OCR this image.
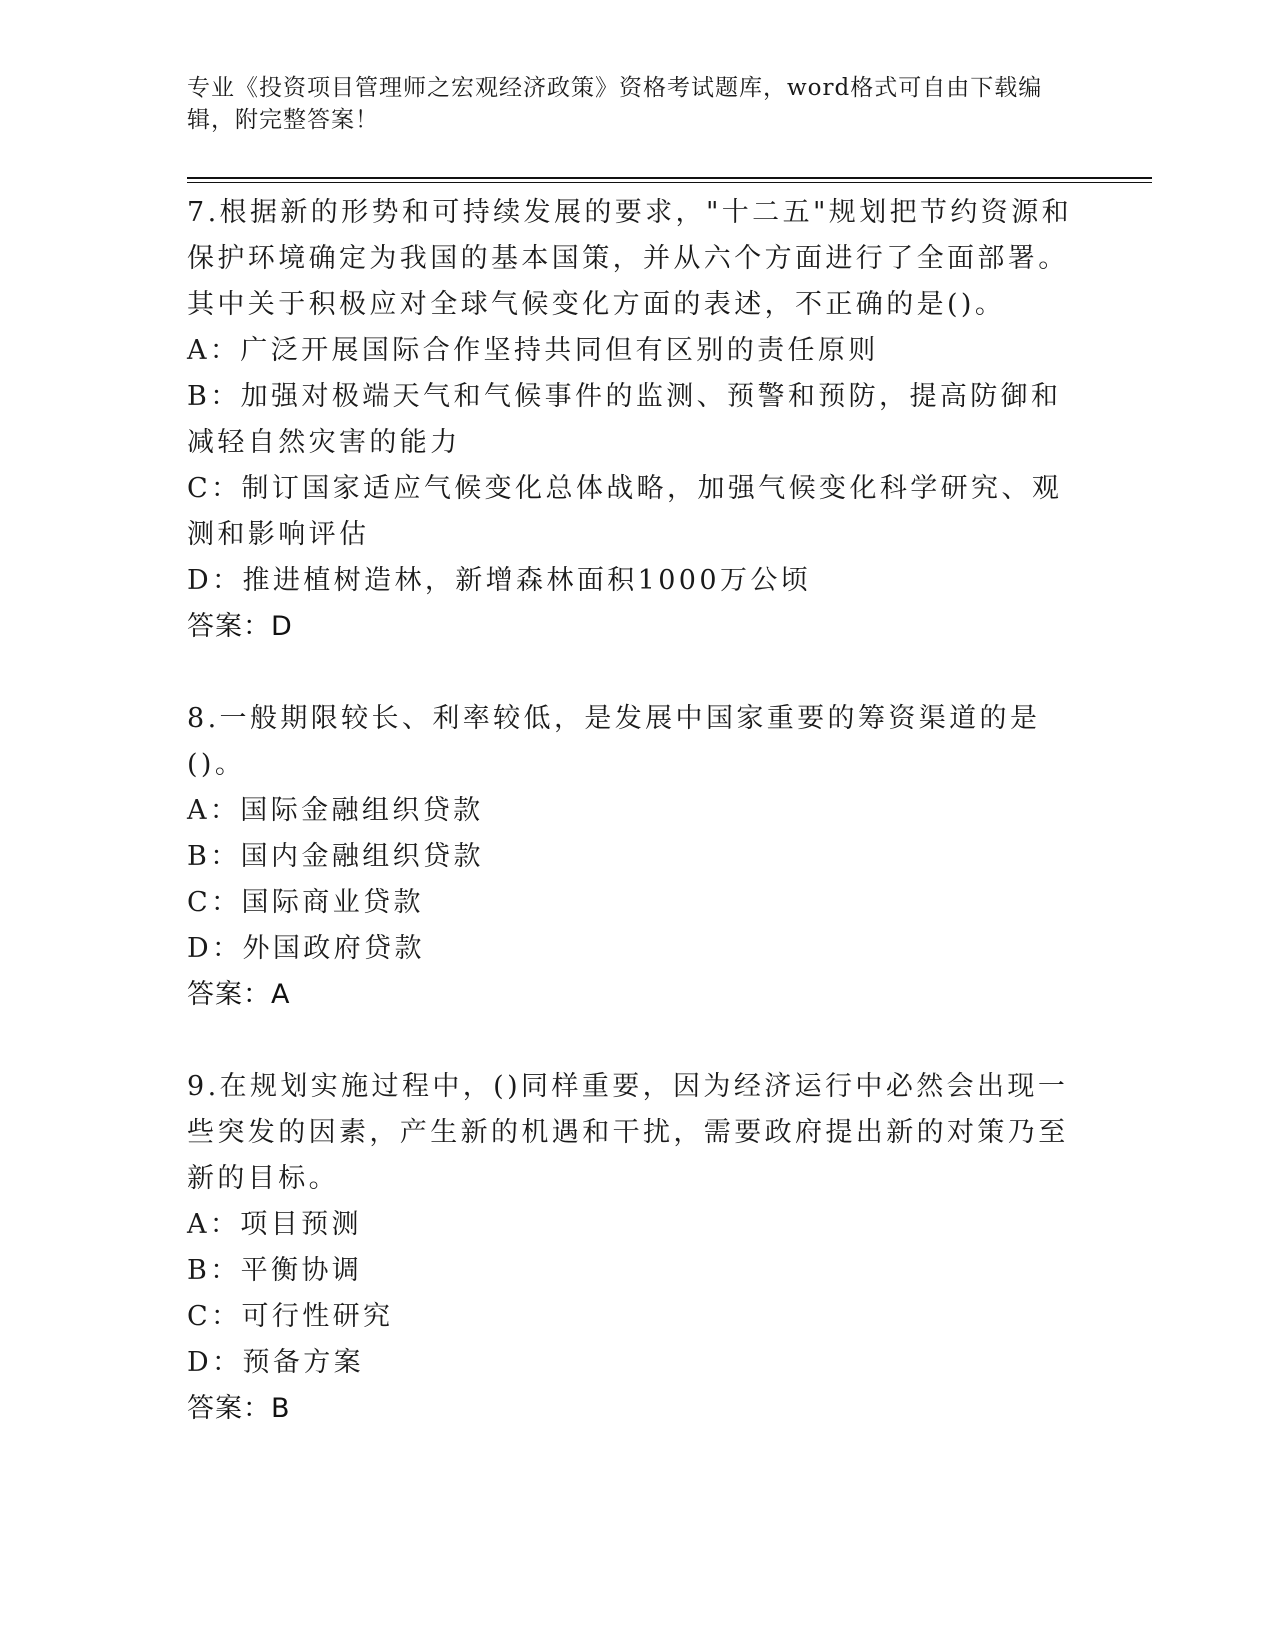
专业《投资项目管理师之宏观经济政策》资格考试题库，word格式可自由下载编辑，附完整答案！
7.根据新的形势和可持续发展的要求，"十二五"规划把节约资源和保护环境确定为我国的基本国策，并从六个方面进行了全面部署。其中关于积极应对全球气候变化方面的表述，不正确的是()。
A：广泛开展国际合作坚持共同但有区别的责任原则
B：加强对极端天气和气候事件的监测、预警和预防，提高防御和减轻自然灾害的能力
C：制订国家适应气候变化总体战略，加强气候变化科学研究、观测和影响评估
D：推进植树造林，新增森林面积1000万公顷
答案：D
8.一般期限较长、利率较低，是发展中国家重要的筹资渠道的是()。
A：国际金融组织贷款
B：国内金融组织贷款
C：国际商业贷款
D：外国政府贷款
答案：A
9.在规划实施过程中，()同样重要，因为经济运行中必然会出现一些突发的因素，产生新的机遇和干扰，需要政府提出新的对策乃至新的目标。
A：项目预测
B：平衡协调
C：可行性研究
D：预备方案
答案：B
